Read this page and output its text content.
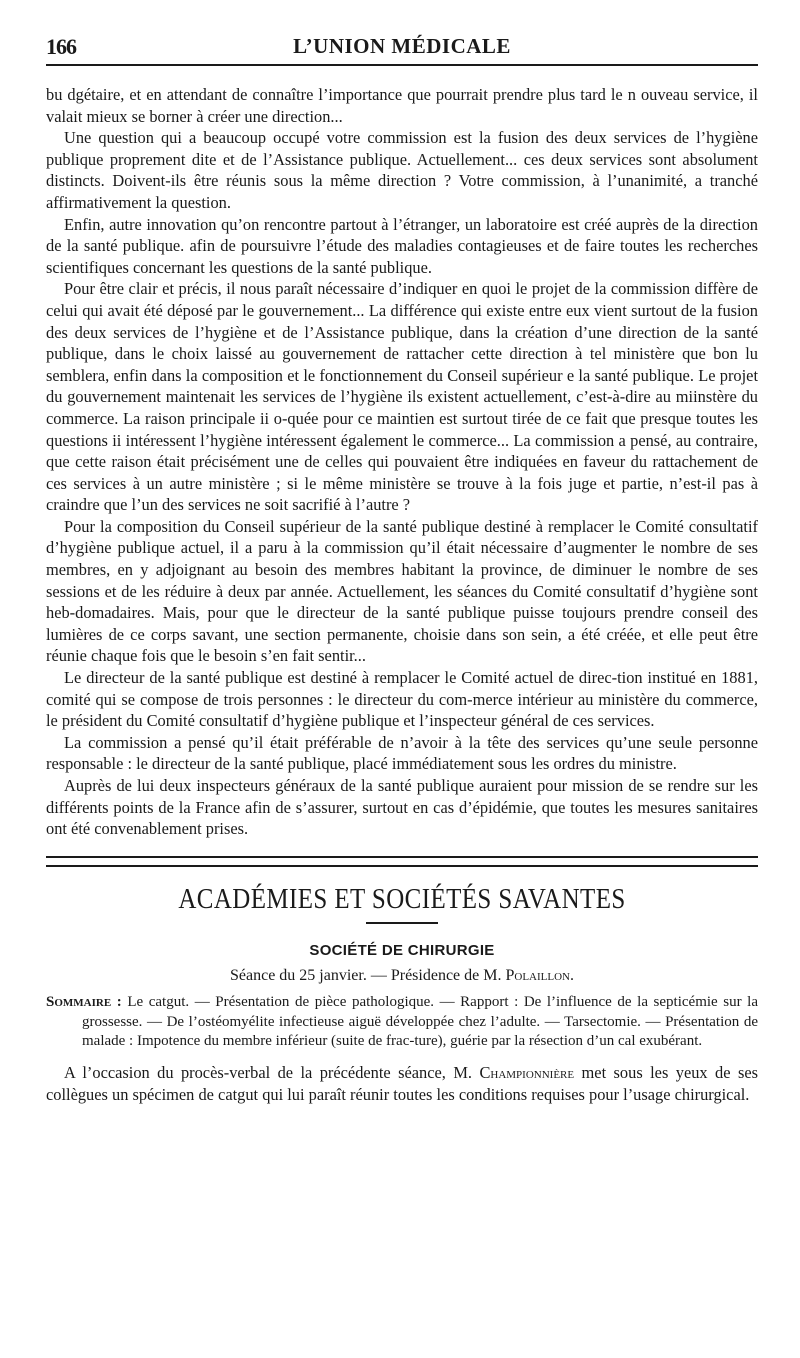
166	L’UNION MÉDICALE

bu dgétaire, et en attendant de connaître l’importance que pourrait prendre plus tard le n ouveau service, il valait mieux se borner à créer une direction...

Une question qui a beaucoup occupé votre commission est la fusion des deux services de l’hygiène publique proprement dite et de l’Assistance publique. Actuellement... ces deux services sont absolument distincts. Doivent-ils être réunis sous la même direction ? Votre commission, à l’unanimité, a tranché affirmativement la question.

Enfin, autre innovation qu’on rencontre partout à l’étranger, un laboratoire est créé auprès de la direction de la santé publique. afin de poursuivre l’étude des maladies contagieuses et de faire toutes les recherches scientifiques concernant les questions de la santé publique.

Pour être clair et précis, il nous paraît nécessaire d’indiquer en quoi le projet de la commission diffère de celui qui avait été déposé par le gouvernement... La différence qui existe entre eux vient surtout de la fusion des deux services de l’hygiène et de l’Assistance publique, dans la création d’une direction de la santé publique, dans le choix laissé au gouvernement de rattacher cette direction à tel ministère que bon lu semblera, enfin dans la composition et le fonctionnement du Conseil supérieur e la santé publique. Le projet du gouvernement maintenait les services de l’hygiène ils existent actuellement, c’est-à-dire au miinstère du commerce. La raison principale ii o-quée pour ce maintien est surtout tirée de ce fait que presque toutes les questions ii intéressent l’hygiène intéressent également le commerce... La commission a pensé, au contraire, que cette raison était précisément une de celles qui pouvaient être indiquées en faveur du rattachement de ces services à un autre ministère ; si le même ministère se trouve à la fois juge et partie, n’est-il pas à craindre que l’un des services ne soit sacrifié à l’autre ?

Pour la composition du Conseil supérieur de la santé publique destiné à remplacer le Comité consultatif d’hygiène publique actuel, il a paru à la commission qu’il était nécessaire d’augmenter le nombre de ses membres, en y adjoignant au besoin des membres habitant la province, de diminuer le nombre de ses sessions et de les réduire à deux par année. Actuellement, les séances du Comité consultatif d’hygiène sont heb-domadaires. Mais, pour que le directeur de la santé publique puisse toujours prendre conseil des lumières de ce corps savant, une section permanente, choisie dans son sein, a été créée, et elle peut être réunie chaque fois que le besoin s’en fait sentir...

Le directeur de la santé publique est destiné à remplacer le Comité actuel de direc-tion institué en 1881, comité qui se compose de trois personnes : le directeur du com-merce intérieur au ministère du commerce, le président du Comité consultatif d’hygiène publique et l’inspecteur général de ces services.

La commission a pensé qu’il était préférable de n’avoir à la tête des services qu’une seule personne responsable : le directeur de la santé publique, placé immédiatement sous les ordres du ministre.

Auprès de lui deux inspecteurs généraux de la santé publique auraient pour mission de se rendre sur les différents points de la France afin de s’assurer, surtout en cas d’épidémie, que toutes les mesures sanitaires ont été convenablement prises.

ACADÉMIES ET SOCIÉTÉS SAVANTES
SOCIÉTÉ DE CHIRURGIE
Séance du 25 janvier. — Présidence de M. Polaillon.
Sommaire : Le catgut. — Présentation de pièce pathologique. — Rapport : De l’influence de la septicémie sur la grossesse. — De l’ostéomyélite infectieuse aiguë développée chez l’adulte. — Tarsectomie. — Présentation de malade : Impotence du membre inférieur (suite de frac-ture), guérie par la résection d’un cal exubérant.

A l’occasion du procès-verbal de la précédente séance, M. Championnière met sous les yeux de ses collègues un spécimen de catgut qui lui paraît réunir toutes les conditions requises pour l’usage chirurgical.
